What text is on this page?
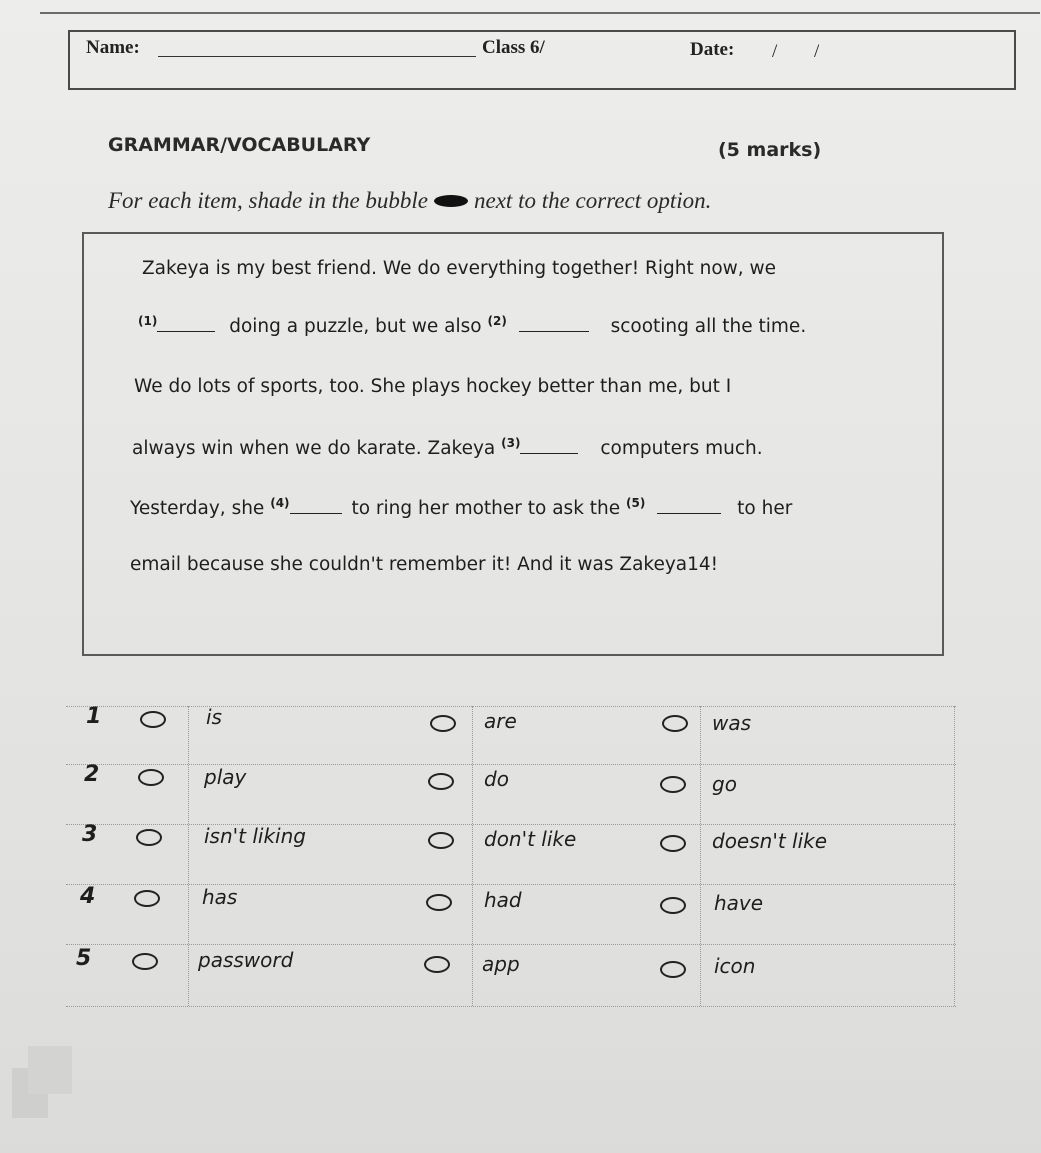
Name:	Class 6/	Date: / /
GRAMMAR/VOCABULARY	(5 marks)
For each item, shade in the bubble next to the correct option.
Zakeya is my best friend. We do everything together! Right now, we
$^{(1)}$	doing a puzzle, but we also $^{(2)}$	scooting all the time.
We do lots of sports, too. She plays hockey better than me, but I
always win when we do karate. Zakeya $^{(3)}$	computers much.
Yesterday, she $^{(4)}$	to ring her mother to ask the $^{(5)}$	to her
email because she couldn't remember it! And it was Zakeya14!
1	is	are	was
2	play	do	go
3	isn't liking	don't like	doesn't like
4	has	had	have
5	password	app	icon
